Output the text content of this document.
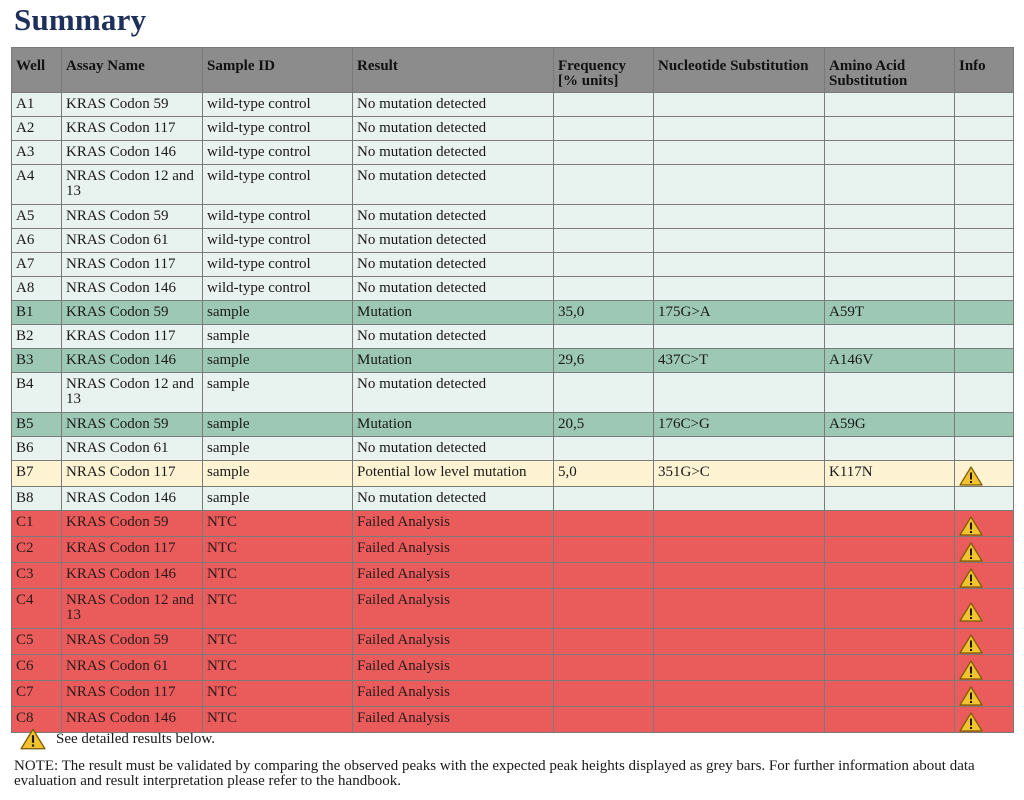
Summary
Well	Assay Name	Sample ID	Result	Frequency [% units]	Nucleotide Substitution	Amino Acid Substitution	Info
A1	KRAS Codon 59	wild-type control	No mutation detected				
A2	KRAS Codon 117	wild-type control	No mutation detected				
A3	KRAS Codon 146	wild-type control	No mutation detected				
A4	NRAS Codon 12 and 13	wild-type control	No mutation detected				
A5	NRAS Codon 59	wild-type control	No mutation detected				
A6	NRAS Codon 61	wild-type control	No mutation detected				
A7	NRAS Codon 117	wild-type control	No mutation detected				
A8	NRAS Codon 146	wild-type control	No mutation detected				
B1	KRAS Codon 59	sample	Mutation	35,0	175G>A	A59T	
B2	KRAS Codon 117	sample	No mutation detected				
B3	KRAS Codon 146	sample	Mutation	29,6	437C>T	A146V	
B4	NRAS Codon 12 and 13	sample	No mutation detected				
B5	NRAS Codon 59	sample	Mutation	20,5	176C>G	A59G	
B6	NRAS Codon 61	sample	No mutation detected				
B7	NRAS Codon 117	sample	Potential low level mutation	5,0	351G>C	K117N	
B8	NRAS Codon 146	sample	No mutation detected				
C1	KRAS Codon 59	NTC	Failed Analysis				
C2	KRAS Codon 117	NTC	Failed Analysis				
C3	KRAS Codon 146	NTC	Failed Analysis				
C4	NRAS Codon 12 and 13	NTC	Failed Analysis				
C5	NRAS Codon 59	NTC	Failed Analysis				
C6	NRAS Codon 61	NTC	Failed Analysis				
C7	NRAS Codon 117	NTC	Failed Analysis				
C8	NRAS Codon 146	NTC	Failed Analysis				
See detailed results below.

NOTE: The result must be validated by comparing the observed peaks with the expected peak heights displayed as grey bars. For further information about data evaluation and result interpretation please refer to the handbook.
